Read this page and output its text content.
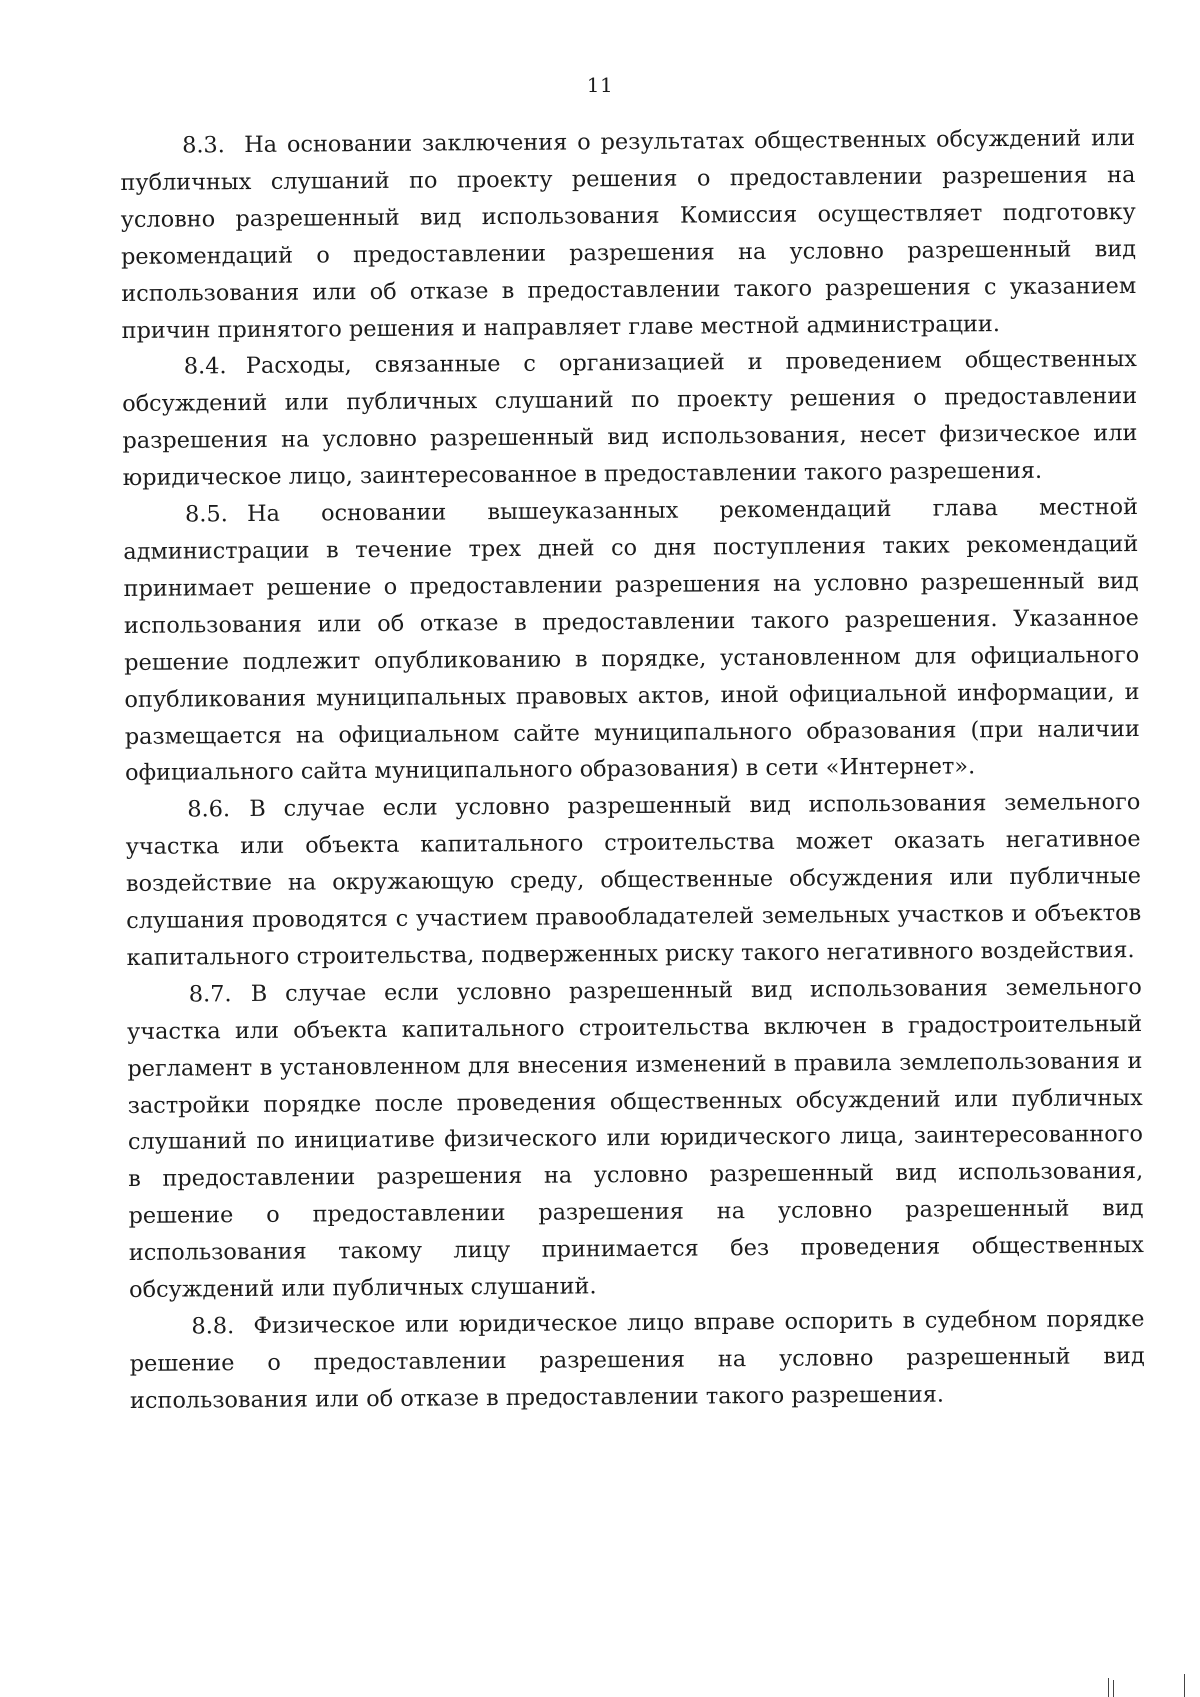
11

8.3. На основании заключения о результатах общественных обсуждений или публичных слушаний по проекту решения о предоставлении разрешения на условно разрешенный вид использования Комиссия осуществляет подготовку рекомендаций о предоставлении разрешения на условно разрешенный вид использования или об отказе в предоставлении такого разрешения с указанием причин принятого решения и направляет главе местной администрации.

8.4. Расходы, связанные с организацией и проведением общественных обсуждений или публичных слушаний по проекту решения о предоставлении разрешения на условно разрешенный вид использования, несет физическое или юридическое лицо, заинтересованное в предоставлении такого разрешения.

8.5. На основании вышеуказанных рекомендаций глава местной администрации в течение трех дней со дня поступления таких рекомендаций принимает решение о предоставлении разрешения на условно разрешенный вид использования или об отказе в предоставлении такого разрешения. Указанное решение подлежит опубликованию в порядке, установленном для официального опубликования муниципальных правовых актов, иной официальной информации, и размещается на официальном сайте муниципального образования (при наличии официального сайта муниципального образования) в сети «Интернет».

8.6. В случае если условно разрешенный вид использования земельного участка или объекта капитального строительства может оказать негативное воздействие на окружающую среду, общественные обсуждения или публичные слушания проводятся с участием правообладателей земельных участков и объектов капитального строительства, подверженных риску такого негативного воздействия.

8.7. В случае если условно разрешенный вид использования земельного участка или объекта капитального строительства включен в градостроительный регламент в установленном для внесения изменений в правила землепользования и застройки порядке после проведения общественных обсуждений или публичных слушаний по инициативе физического или юридического лица, заинтересованного в предоставлении разрешения на условно разрешенный вид использования, решение о предоставлении разрешения на условно разрешенный вид использования такому лицу принимается без проведения общественных обсуждений или публичных слушаний.

8.8. Физическое или юридическое лицо вправе оспорить в судебном порядке решение о предоставлении разрешения на условно разрешенный вид использования или об отказе в предоставлении такого разрешения.
